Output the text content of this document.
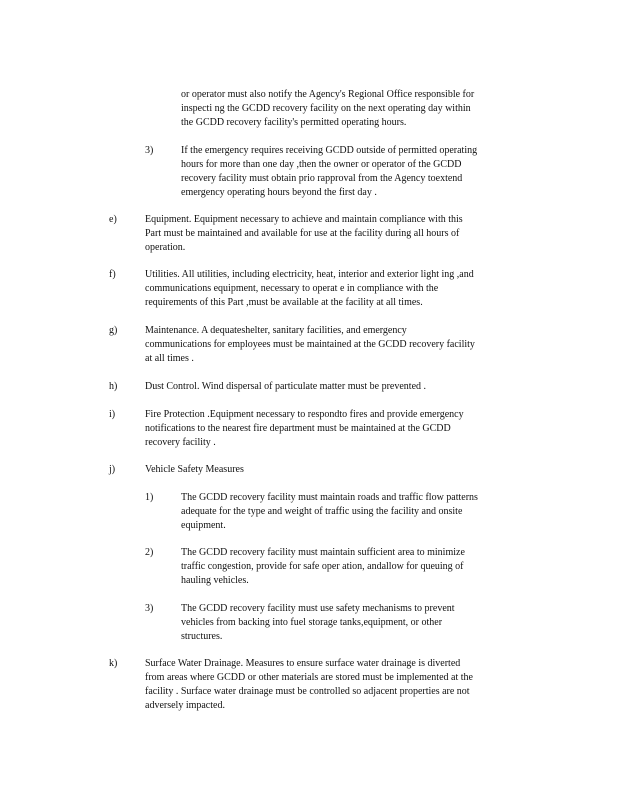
or operator must also notify the Agency's Regional Office responsible for
inspecti ng the GCDD recovery facility on the next operating day within
the GCDD recovery facility's permitted operating hours.
3)	If the emergency requires receiving GCDD outside of permitted operating
hours for more than one day ,then the owner or operator of the GCDD
recovery facility must obtain prio rapproval from the Agency toextend
emergency operating hours beyond the first day .
e)	Equipment. Equipment necessary to achieve and maintain compliance with this
Part must be maintained and available for use at the facility during all hours of
operation.
f)	Utilities. All utilities, including electricity, heat, interior and exterior light ing ,and
communications equipment, necessary to operat e in compliance with the
requirements of this Part ,must be available at the facility at all times.
g)	Maintenance. A dequateshelter, sanitary facilities, and emergency
communications for employees must be maintained at the GCDD recovery facility
at all times .
h)	Dust Control. Wind dispersal of particulate matter must be prevented .
i)	Fire Protection .Equipment necessary to respondto fires and provide emergency
notifications to the nearest fire department must be maintained at the GCDD
recovery facility .
j)	Vehicle Safety Measures
1)	The GCDD recovery facility must maintain roads and traffic flow patterns
adequate for the type and weight of traffic using the facility and onsite
equipment.
2)	The GCDD recovery facility must maintain sufficient area to minimize
traffic congestion, provide for safe oper ation, andallow for queuing of
hauling vehicles.
3)	The GCDD recovery facility must use safety mechanisms to prevent
vehicles from backing into fuel storage tanks,equipment, or other
structures.
k)	Surface Water Drainage. Measures to ensure surface water drainage is diverted
from areas where GCDD or other materials are stored must be implemented at the
facility . Surface water drainage must be controlled so adjacent properties are not
adversely impacted.
